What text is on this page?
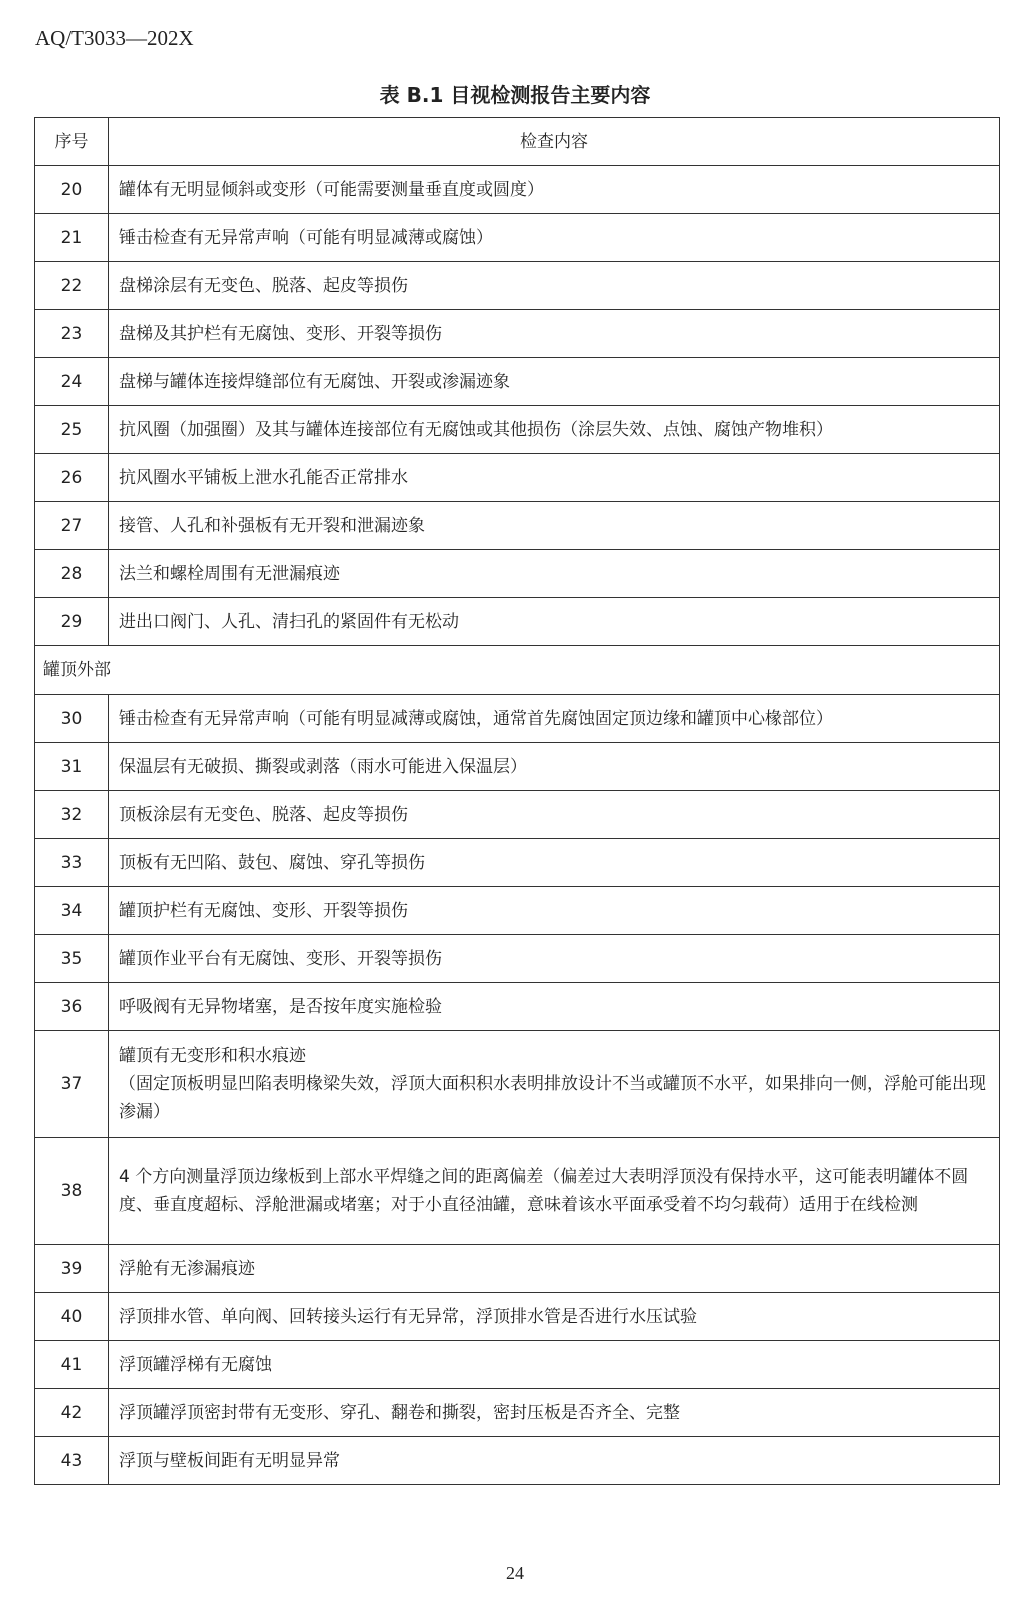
AQ/T3033—202X
表 B.1 目视检测报告主要内容
序号	检查内容
20	罐体有无明显倾斜或变形（可能需要测量垂直度或圆度）
21	锤击检查有无异常声响（可能有明显减薄或腐蚀）
22	盘梯涂层有无变色、脱落、起皮等损伤
23	盘梯及其护栏有无腐蚀、变形、开裂等损伤
24	盘梯与罐体连接焊缝部位有无腐蚀、开裂或渗漏迹象
25	抗风圈（加强圈）及其与罐体连接部位有无腐蚀或其他损伤（涂层失效、点蚀、腐蚀产物堆积）
26	抗风圈水平铺板上泄水孔能否正常排水
27	接管、人孔和补强板有无开裂和泄漏迹象
28	法兰和螺栓周围有无泄漏痕迹
29	进出口阀门、人孔、清扫孔的紧固件有无松动
罐顶外部	
30	锤击检查有无异常声响（可能有明显减薄或腐蚀，通常首先腐蚀固定顶边缘和罐顶中心椽部位）
31	保温层有无破损、撕裂或剥落（雨水可能进入保温层）
32	顶板涂层有无变色、脱落、起皮等损伤
33	顶板有无凹陷、鼓包、腐蚀、穿孔等损伤
34	罐顶护栏有无腐蚀、变形、开裂等损伤
35	罐顶作业平台有无腐蚀、变形、开裂等损伤
36	呼吸阀有无异物堵塞，是否按年度实施检验
37	罐顶有无变形和积水痕迹
（固定顶板明显凹陷表明椽梁失效，浮顶大面积积水表明排放设计不当或罐顶不水平，如果排向一侧，浮舱可能出现渗漏）

38	4 个方向测量浮顶边缘板到上部水平焊缝之间的距离偏差（偏差过大表明浮顶没有保持水平，这可能表明罐体不圆度、垂直度超标、浮舱泄漏或堵塞；对于小直径油罐，意味着该水平面承受着不均匀载荷）适用于在线检测
39	浮舱有无渗漏痕迹
40	浮顶排水管、单向阀、回转接头运行有无异常，浮顶排水管是否进行水压试验
41	浮顶罐浮梯有无腐蚀
42	浮顶罐浮顶密封带有无变形、穿孔、翻卷和撕裂，密封压板是否齐全、完整
43	浮顶与壁板间距有无明显异常
24
